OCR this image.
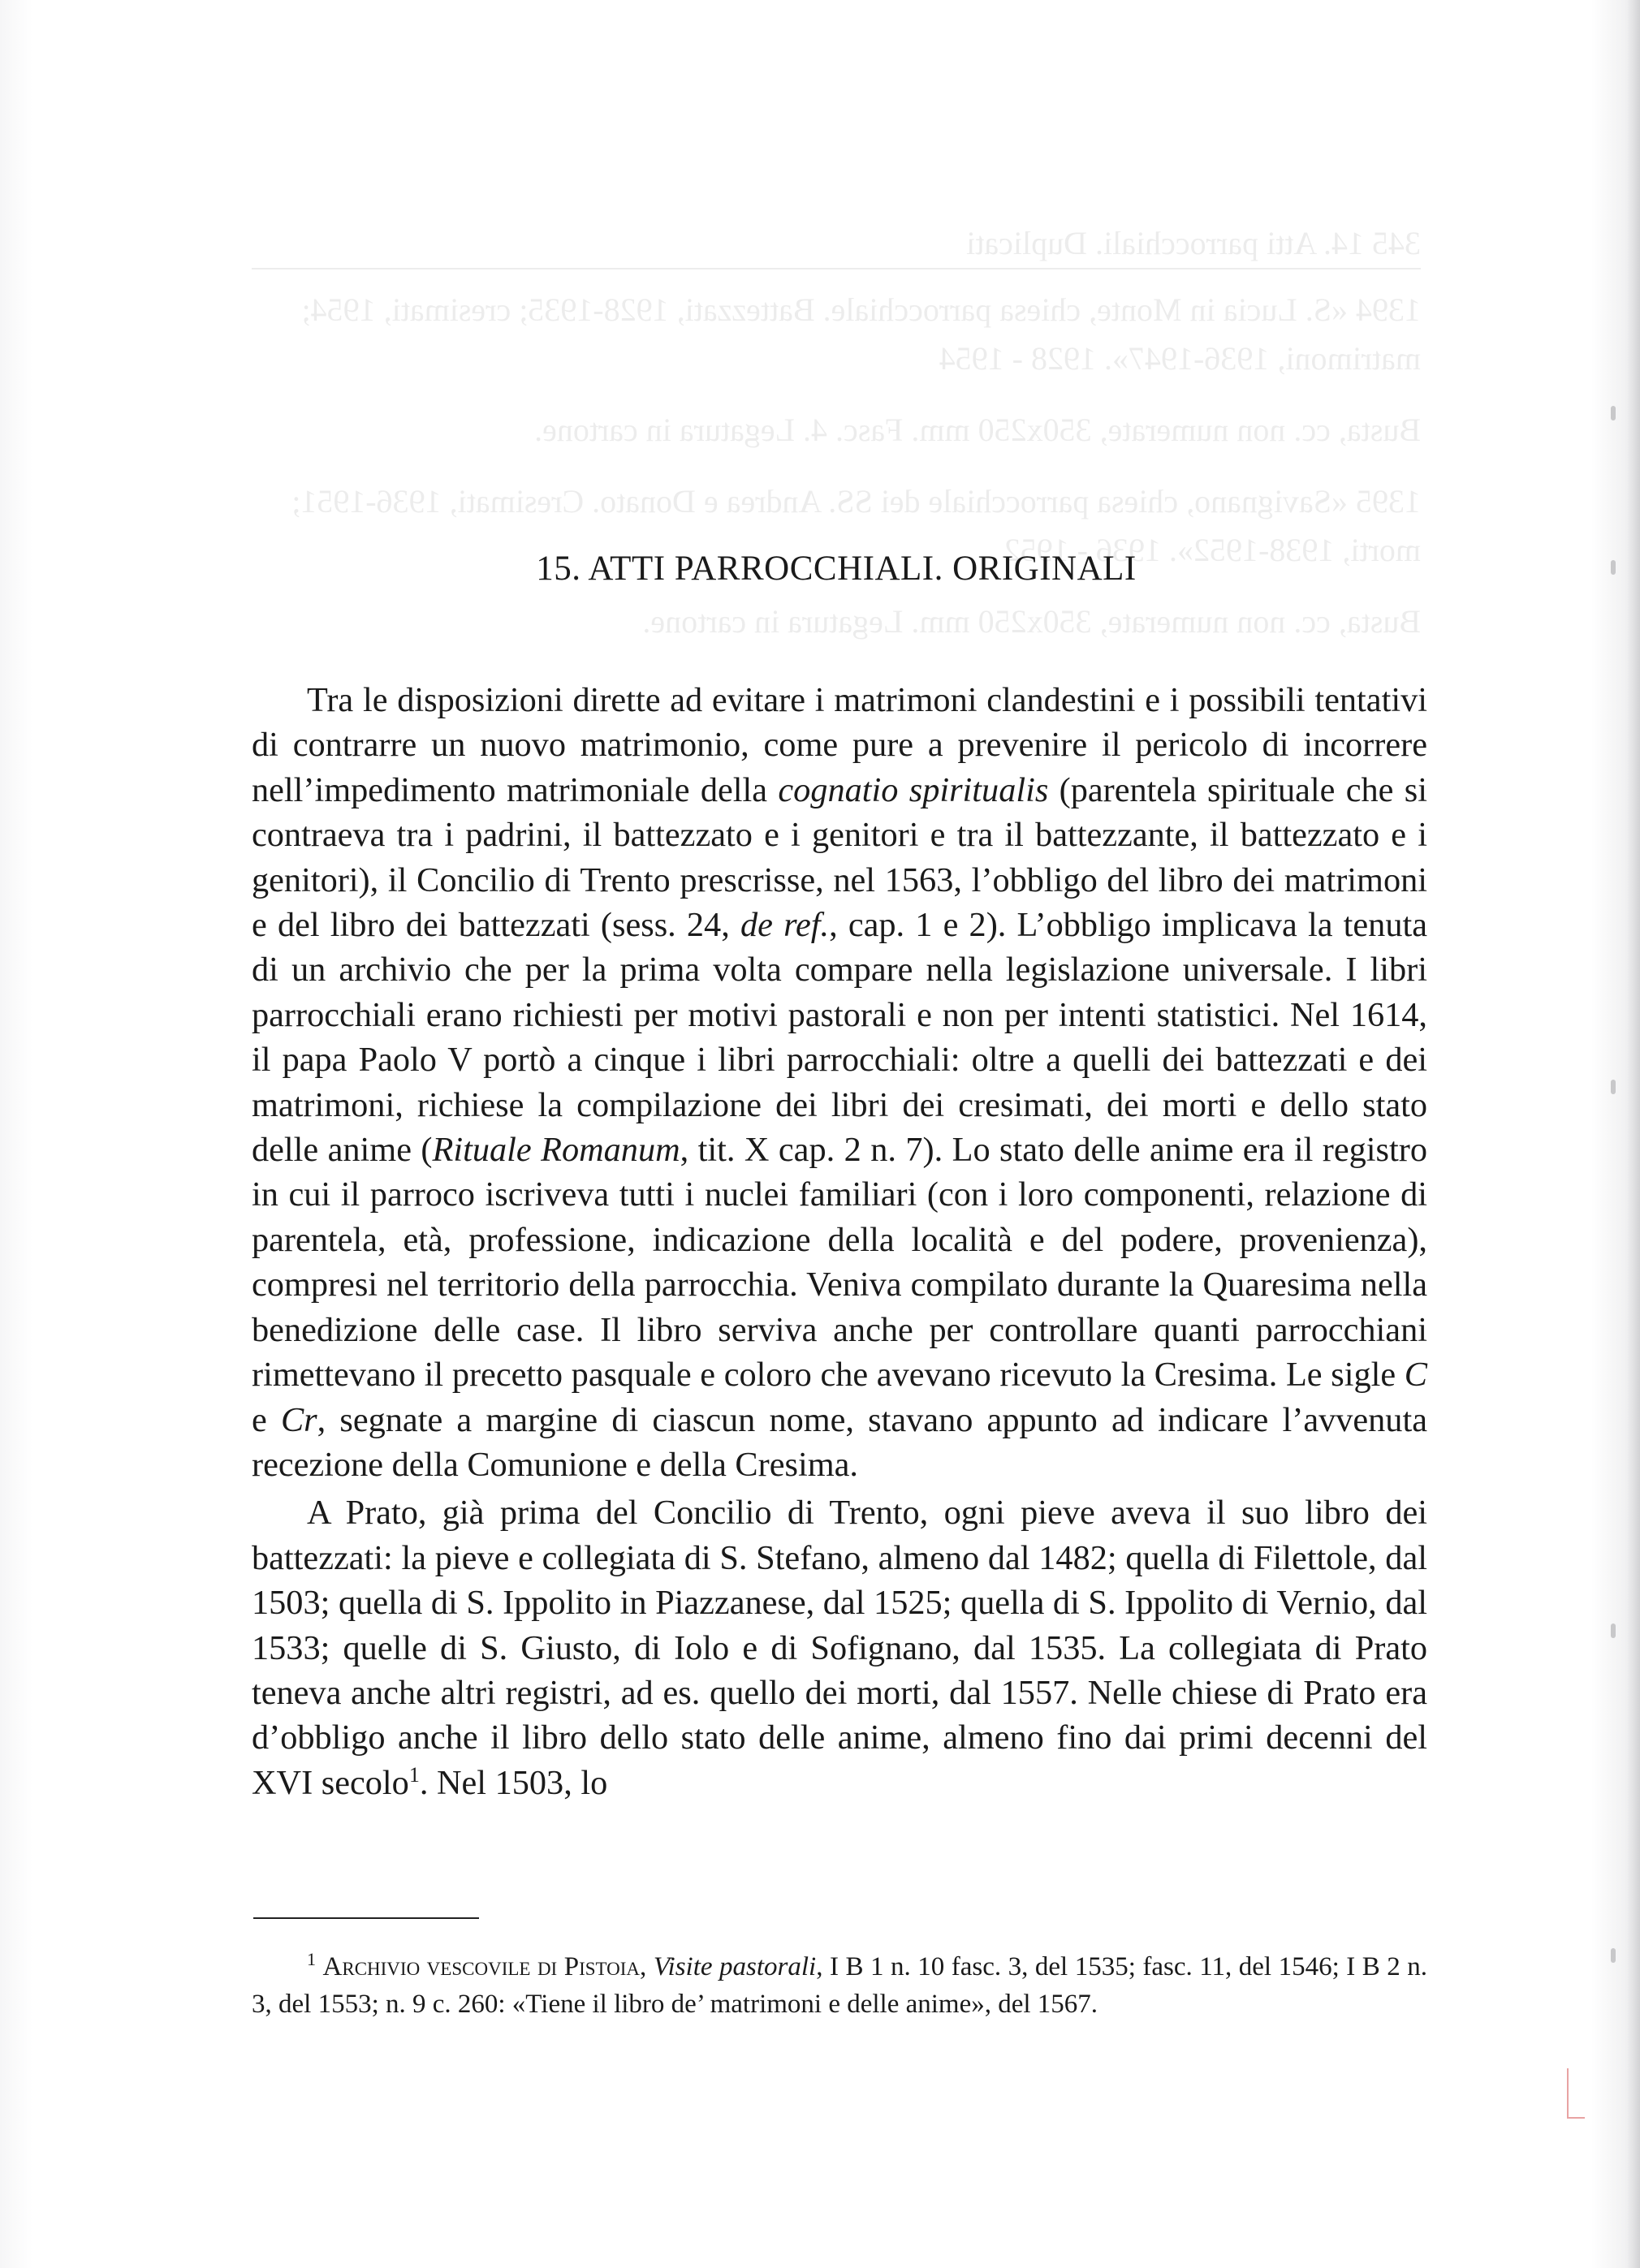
345 14. Atti parrocchiali. Duplicati

1394 «S. Lucia in Monte, chiesa parrocchiale. Battezzati, 1928-1935; cresimati, 1954; matrimoni, 1936-1947». 1928 - 1954

Busta, cc. non numerate, 350x250 mm. Fasc. 4. Legatura in cartone.

1395 «Savignano, chiesa parrocchiale dei SS. Andrea e Donato. Cresimati, 1936-1951; morti, 1938-1952». 1936 - 1952

Busta, cc. non numerate, 350x250 mm. Legatura in cartone.

15. ATTI PARROCCHIALI. ORIGINALI

Tra le disposizioni dirette ad evitare i matrimoni clandestini e i possibili tentativi di contrarre un nuovo matrimonio, come pure a prevenire il pericolo di incorrere nell’impedimento matrimoniale della cognatio spiritualis (parentela spirituale che si contraeva tra i padrini, il battezzato e i genitori e tra il battezzante, il battezzato e i genitori), il Concilio di Trento prescrisse, nel 1563, l’obbligo del libro dei matrimoni e del libro dei battezzati (sess. 24, de ref., cap. 1 e 2). L’obbligo implicava la tenuta di un archivio che per la prima volta compare nella legislazione universale. I libri parrocchiali erano richiesti per motivi pastorali e non per intenti statistici. Nel 1614, il papa Paolo V portò a cinque i libri parrocchiali: oltre a quelli dei battezzati e dei matrimoni, richiese la compilazione dei libri dei cresimati, dei morti e dello stato delle anime (Rituale Romanum, tit. X cap. 2 n. 7). Lo stato delle anime era il registro in cui il parroco iscriveva tutti i nuclei familiari (con i loro componenti, relazione di parentela, età, professione, indicazione della località e del podere, provenienza), compresi nel territorio della parrocchia. Veniva compilato durante la Quaresima nella benedizione delle case. Il libro serviva anche per controllare quanti parrocchiani rimettevano il precetto pasquale e coloro che avevano ricevuto la Cresima. Le sigle C e Cr, segnate a margine di ciascun nome, stavano appunto ad indicare l’avvenuta recezione della Comunione e della Cresima.

A Prato, già prima del Concilio di Trento, ogni pieve aveva il suo libro dei battezzati: la pieve e collegiata di S. Stefano, almeno dal 1482; quella di Filettole, dal 1503; quella di S. Ippolito in Piazzanese, dal 1525; quella di S. Ippolito di Vernio, dal 1533; quelle di S. Giusto, di Iolo e di Sofignano, dal 1535. La collegiata di Prato teneva anche altri registri, ad es. quello dei morti, dal 1557. Nelle chiese di Prato era d’obbligo anche il libro dello stato delle anime, almeno fino dai primi decenni del XVI secolo$^1$. Nel 1503, lo

$^1$ Archivio vescovile di Pistoia, Visite pastorali, I B 1 n. 10 fasc. 3, del 1535; fasc. 11, del 1546; I B 2 n. 3, del 1553; n. 9 c. 260: «Tiene il libro de’ matrimoni e delle anime», del 1567.
